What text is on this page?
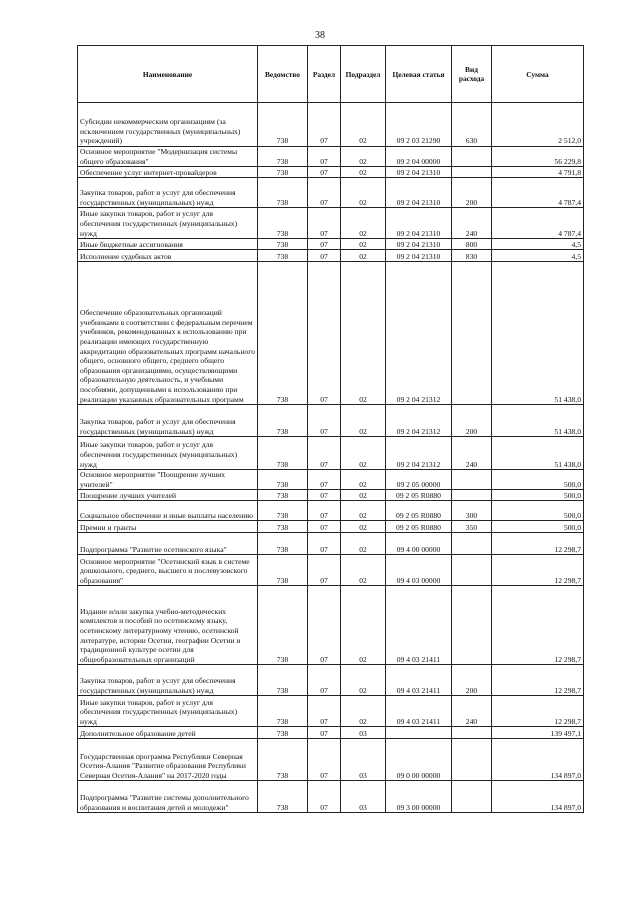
38
Наименование	Ведомство	Раздел	Подраздел	Целевая статья	Вид расхода	Сумма
Субсидии некоммерческим организациям (за исключением государственных (муниципальных) учреждений)	738	07	02	09 2 03 21290	630	2 512,0
Основное мероприятие "Модернизация системы общего образования"	738	07	02	09 2 04 00000		56 229,8
Обеспечение услуг интернет-провайдеров	738	07	02	09 2 04 21310		4 791,8
Закупка товаров, работ и услуг для обеспечения государственных (муниципальных) нужд	738	07	02	09 2 04 21310	200	4 787,4
Иные закупки товаров, работ и услуг для обеспечения государственных (муниципальных) нужд	738	07	02	09 2 04 21310	240	4 787,4
Иные бюджетные ассигнования	738	07	02	09 2 04 21310	800	4,5
Исполнение судебных актов	738	07	02	09 2 04 21310	830	4,5
Обеспечение образовательных организаций учебниками в соответствии с федеральным перечнем учебников, рекомендованных к использованию при реализации имеющих государственную аккредитацию образовательных программ начального общего, основного общего, среднего общего образования организациями, осуществляющими образовательную деятельность, и учебными пособиями, допущенными к использованию при реализации указанных образовательных программ	738	07	02	09 2 04 21312		51 438,0
Закупка товаров, работ и услуг для обеспечения государственных (муниципальных) нужд	738	07	02	09 2 04 21312	200	51 438,0
Иные закупки товаров, работ и услуг для обеспечения государственных (муниципальных) нужд	738	07	02	09 2 04 21312	240	51 438,0
Основное мероприятие "Поощрение лучших учителей"	738	07	02	09 2 05 00000		500,0
Поощрение лучших учителей	738	07	02	09 2 05 R0880		500,0
Социальное обеспечение и иные выплаты населению	738	07	02	09 2 05 R0880	300	500,0
Премии и гранты	738	07	02	09 2 05 R0880	350	500,0
Подпрограмма "Развитие осетинского языка"	738	07	02	09 4 00 00000		12 298,7
Основное мероприятие "Осетинский язык в системе дошкольного, среднего, высшего и послевузовского образования"	738	07	02	09 4 03 00000		12 298,7
Издание и/или закупка учебно-методических комплектов и пособий по осетинскому языку, осетинскому литературному чтению, осетинской литературе, истории Осетии, географии Осетии и традиционной культуре осетин для общеобразовательных организаций	738	07	02	09 4 03 21411		12 298,7
Закупка товаров, работ и услуг для обеспечения государственных (муниципальных) нужд	738	07	02	09 4 03 21411	200	12 298,7
Иные закупки товаров, работ и услуг для обеспечения государственных (муниципальных) нужд	738	07	02	09 4 03 21411	240	12 298,7
Дополнительное образование детей	738	07	03			139 497,1
Государственная программа Республики Северная Осетия-Алания "Развитие образования Республики Северная Осетия-Алания" на 2017-2020 годы	738	07	03	09 0 00 00000		134 897,0
Подпрограмма "Развитие системы дополнительного образования и воспитания детей и молодежи"	738	07	03	09 3 00 00000		134 897,0
